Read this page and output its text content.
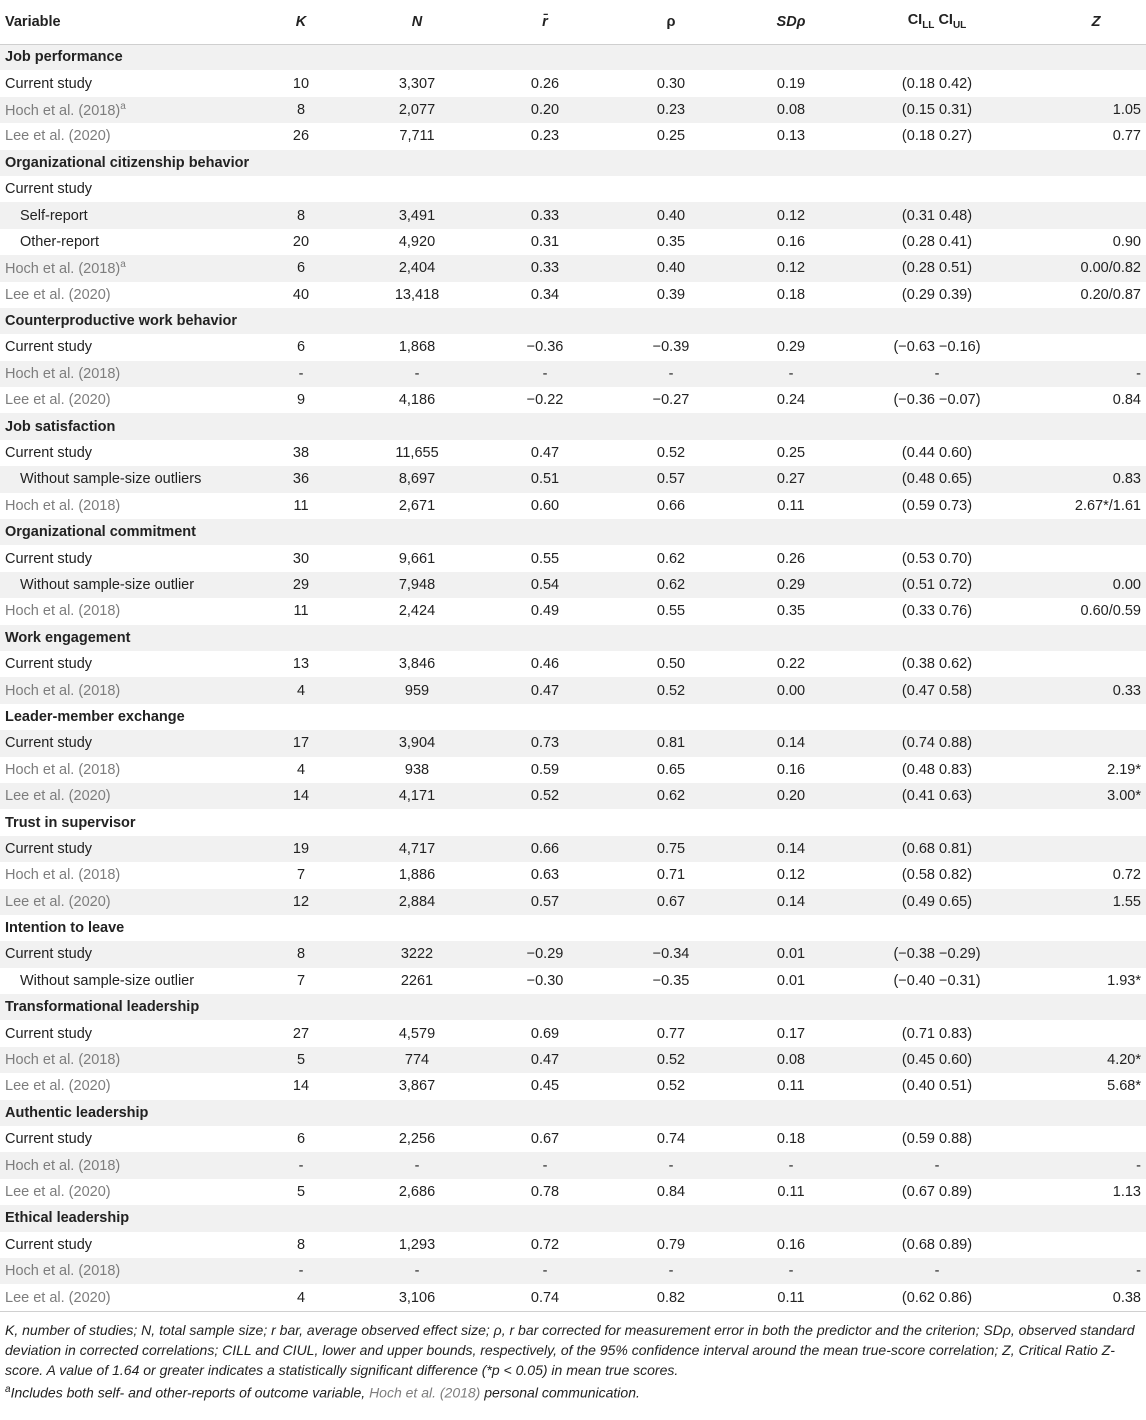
Variable	K	N	r̄	ρ	SDρ	$CI_{LL}$ $CI_{UL}$	Z
Job performance							
Current study	10	3,307	0.26	0.30	0.19	(0.18 0.42)	
Hoch et al. $(2018)^a$	8	2,077	0.20	0.23	0.08	(0.15 0.31)	1.05
Lee et al. (2020)	26	7,711	0.23	0.25	0.13	(0.18 0.27)	0.77
Organizational citizenship behavior							
Current study							
Self-report	8	3,491	0.33	0.40	0.12	(0.31 0.48)	
Other-report	20	4,920	0.31	0.35	0.16	(0.28 0.41)	0.90
Hoch et al. $(2018)^a$	6	2,404	0.33	0.40	0.12	(0.28 0.51)	0.00/0.82
Lee et al. (2020)	40	13,418	0.34	0.39	0.18	(0.29 0.39)	0.20/0.87
Counterproductive work behavior							
Current study	6	1,868	−0.36	−0.39	0.29	(−0.63 −0.16)	
Hoch et al. (2018)	-	-	-	-	-	-	-
Lee et al. (2020)	9	4,186	−0.22	−0.27	0.24	(−0.36 −0.07)	0.84
Job satisfaction							
Current study	38	11,655	0.47	0.52	0.25	(0.44 0.60)	
Without sample-size outliers	36	8,697	0.51	0.57	0.27	(0.48 0.65)	0.83
Hoch et al. (2018)	11	2,671	0.60	0.66	0.11	(0.59 0.73)	2.67*/1.61
Organizational commitment							
Current study	30	9,661	0.55	0.62	0.26	(0.53 0.70)	
Without sample-size outlier	29	7,948	0.54	0.62	0.29	(0.51 0.72)	0.00
Hoch et al. (2018)	11	2,424	0.49	0.55	0.35	(0.33 0.76)	0.60/0.59
Work engagement							
Current study	13	3,846	0.46	0.50	0.22	(0.38 0.62)	
Hoch et al. (2018)	4	959	0.47	0.52	0.00	(0.47 0.58)	0.33
Leader-member exchange							
Current study	17	3,904	0.73	0.81	0.14	(0.74 0.88)	
Hoch et al. (2018)	4	938	0.59	0.65	0.16	(0.48 0.83)	2.19*
Lee et al. (2020)	14	4,171	0.52	0.62	0.20	(0.41 0.63)	3.00*
Trust in supervisor							
Current study	19	4,717	0.66	0.75	0.14	(0.68 0.81)	
Hoch et al. (2018)	7	1,886	0.63	0.71	0.12	(0.58 0.82)	0.72
Lee et al. (2020)	12	2,884	0.57	0.67	0.14	(0.49 0.65)	1.55
Intention to leave							
Current study	8	3222	−0.29	−0.34	0.01	(−0.38 −0.29)	
Without sample-size outlier	7	2261	−0.30	−0.35	0.01	(−0.40 −0.31)	1.93*
Transformational leadership							
Current study	27	4,579	0.69	0.77	0.17	(0.71 0.83)	
Hoch et al. (2018)	5	774	0.47	0.52	0.08	(0.45 0.60)	4.20*
Lee et al. (2020)	14	3,867	0.45	0.52	0.11	(0.40 0.51)	5.68*
Authentic leadership							
Current study	6	2,256	0.67	0.74	0.18	(0.59 0.88)	
Hoch et al. (2018)	-	-	-	-	-	-	-
Lee et al. (2020)	5	2,686	0.78	0.84	0.11	(0.67 0.89)	1.13
Ethical leadership							
Current study	8	1,293	0.72	0.79	0.16	(0.68 0.89)	
Hoch et al. (2018)	-	-	-	-	-	-	-
Lee et al. (2020)	4	3,106	0.74	0.82	0.11	(0.62 0.86)	0.38

K, number of studies; N, total sample size; r bar, average observed effect size; ρ, r bar corrected for measurement error in both the predictor and the criterion; SDρ, observed standard deviation in corrected correlations; CILL and CIUL, lower and upper bounds, respectively, of the 95% confidence interval around the mean true-score correlation; Z, Critical Ratio Z-score. A value of 1.64 or greater indicates a statistically significant difference (*p < 0.05) in mean true scores.

$^a$Includes both self- and other-reports of outcome variable, Hoch et al. (2018) personal communication.
